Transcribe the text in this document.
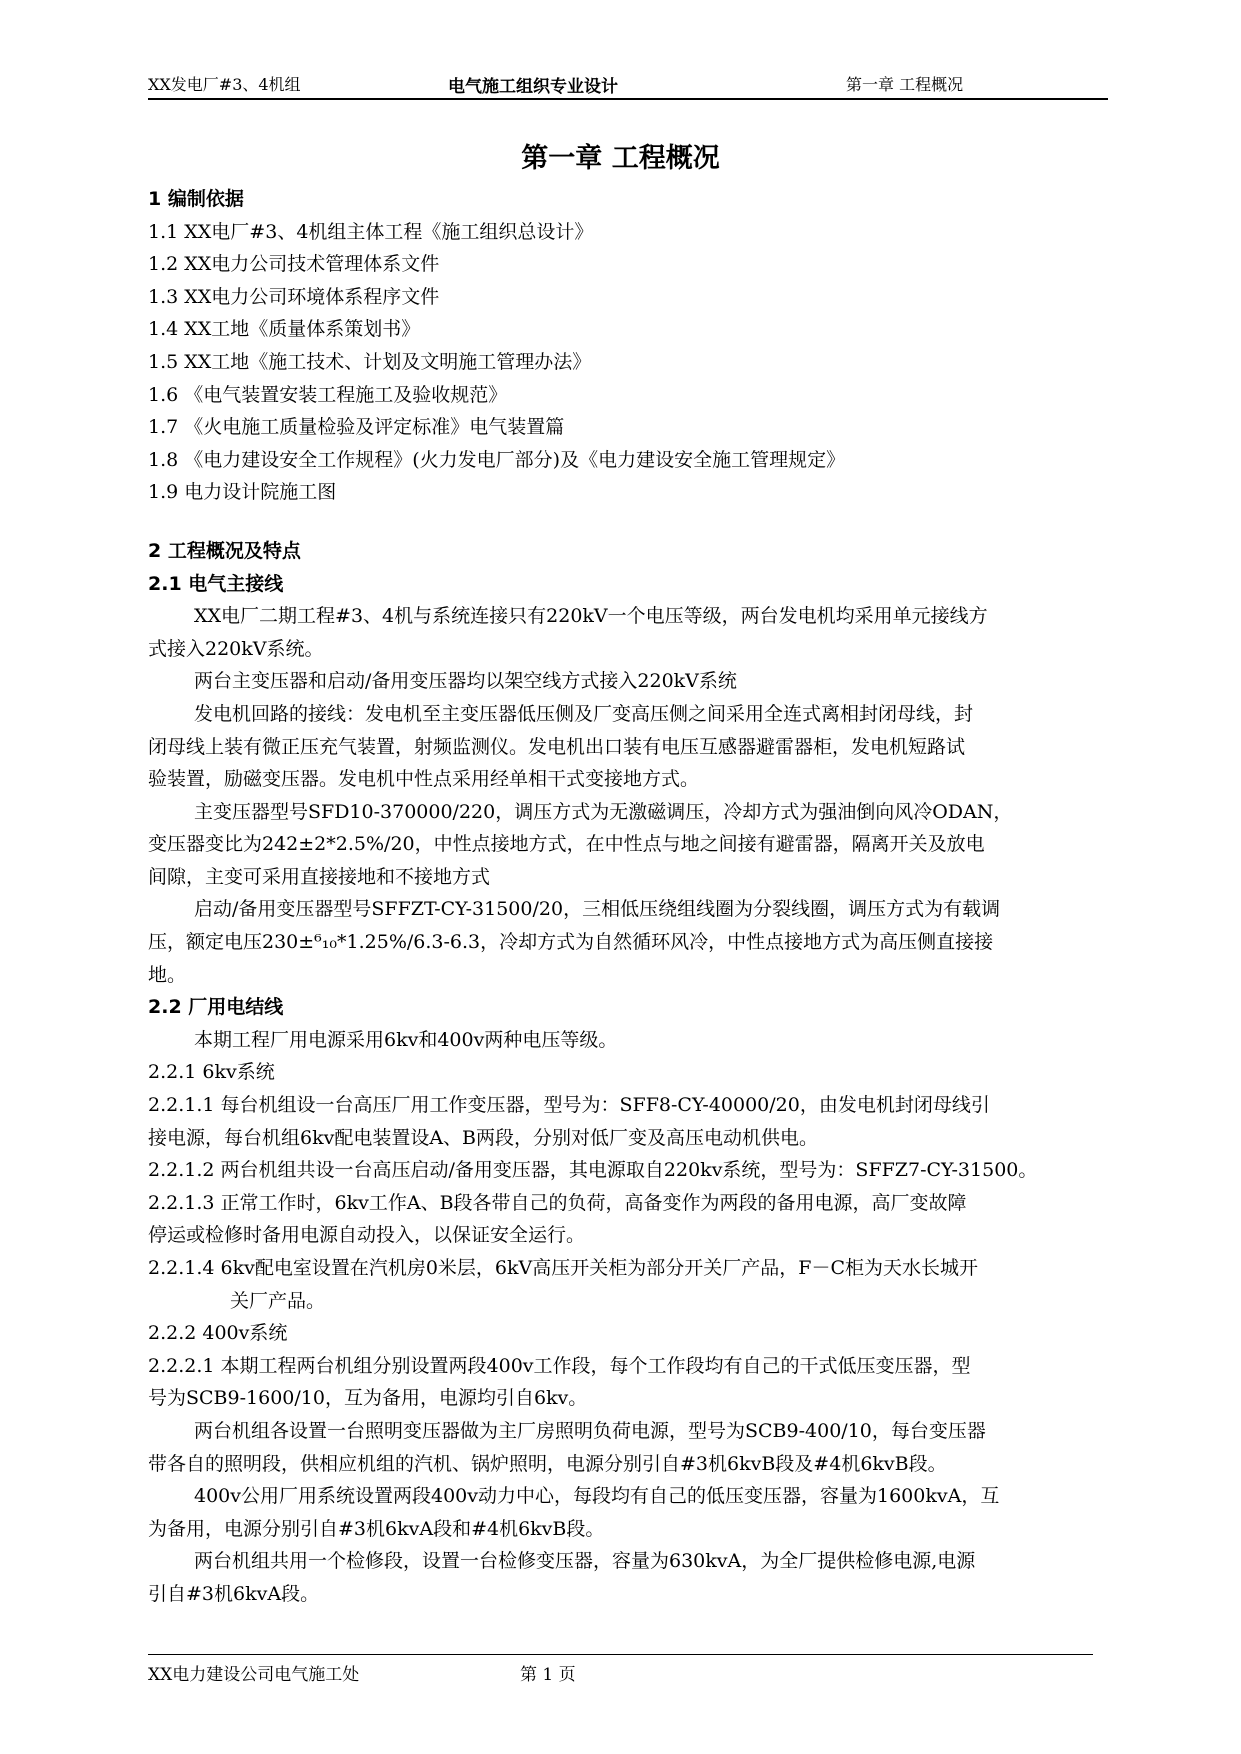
XX发电厂#3、4机组	电气施工组织专业设计	第一章 工程概况
第一章 工程概况
1 编制依据
1.1 XX电厂#3、4机组主体工程《施工组织总设计》
1.2 XX电力公司技术管理体系文件
1.3 XX电力公司环境体系程序文件
1.4 XX工地《质量体系策划书》
1.5 XX工地《施工技术、计划及文明施工管理办法》
1.6 《电气装置安装工程施工及验收规范》
1.7 《火电施工质量检验及评定标准》电气装置篇
1.8 《电力建设安全工作规程》(火力发电厂部分)及《电力建设安全施工管理规定》
1.9 电力设计院施工图
2 工程概况及特点
2.1 电气主接线
XX电厂二期工程#3、4机与系统连接只有220kV一个电压等级，两台发电机均采用单元接线方
式接入220kV系统。
两台主变压器和启动/备用变压器均以架空线方式接入220kV系统
发电机回路的接线：发电机至主变压器低压侧及厂变高压侧之间采用全连式离相封闭母线，封
闭母线上装有微正压充气装置，射频监测仪。发电机出口装有电压互感器避雷器柜，发电机短路试
验装置，励磁变压器。发电机中性点采用经单相干式变接地方式。
主变压器型号SFD10-370000/220，调压方式为无激磁调压，冷却方式为强油倒向风冷ODAN，
变压器变比为242±2*2.5%/20，中性点接地方式，在中性点与地之间接有避雷器，隔离开关及放电
间隙，主变可采用直接接地和不接地方式
启动/备用变压器型号SFFZT-CY-31500/20，三相低压绕组线圈为分裂线圈，调压方式为有载调
压，额定电压230±⁶₁₀*1.25%/6.3-6.3，冷却方式为自然循环风冷，中性点接地方式为高压侧直接接
地。
2.2 厂用电结线
本期工程厂用电源采用6kv和400v两种电压等级。
2.2.1 6kv系统
2.2.1.1 每台机组设一台高压厂用工作变压器，型号为：SFF8-CY-40000/20，由发电机封闭母线引
接电源，每台机组6kv配电装置设A、B两段，分别对低厂变及高压电动机供电。
2.2.1.2 两台机组共设一台高压启动/备用变压器，其电源取自220kv系统，型号为：SFFZ7-CY-31500。
2.2.1.3 正常工作时，6kv工作A、B段各带自己的负荷，高备变作为两段的备用电源，高厂变故障
停运或检修时备用电源自动投入，以保证安全运行。
2.2.1.4 6kv配电室设置在汽机房0米层，6kV高压开关柜为部分开关厂产品，F－C柜为天水长城开
关厂产品。
2.2.2 400v系统
2.2.2.1 本期工程两台机组分别设置两段400v工作段，每个工作段均有自己的干式低压变压器，型
号为SCB9-1600/10，互为备用，电源均引自6kv。
两台机组各设置一台照明变压器做为主厂房照明负荷电源，型号为SCB9-400/10，每台变压器
带各自的照明段，供相应机组的汽机、锅炉照明，电源分别引自#3机6kvB段及#4机6kvB段。
400v公用厂用系统设置两段400v动力中心，每段均有自己的低压变压器，容量为1600kvA，互
为备用，电源分别引自#3机6kvA段和#4机6kvB段。
两台机组共用一个检修段，设置一台检修变压器，容量为630kvA，为全厂提供检修电源,电源
引自#3机6kvA段。
XX电力建设公司电气施工处	第 1 页
